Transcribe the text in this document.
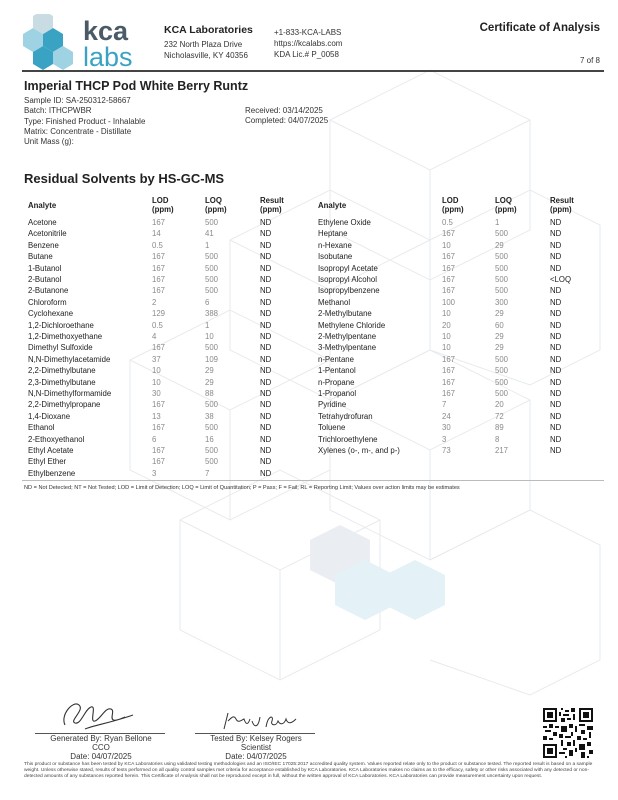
kca
labs
KCA Laboratories
232 North Plaza Drive
Nicholasville, KY 40356
+1-833-KCA-LABS
https://kcalabs.com
KDA Lic.# P_0058
Certificate of Analysis
7 of 8
Imperial THCP Pod White Berry Runtz
Sample ID: SA-250312-58667
Batch: ITHCPWBR
Type: Finished Product - Inhalable
Matrix: Concentrate - Distillate
Unit Mass (g):
Received: 03/14/2025
Completed: 04/07/2025
Residual Solvents by HS-GC-MS
Analyte
LOD
(ppm)
LOQ
(ppm)
Result
(ppm)
Acetone	167	500	ND
Acetonitrile	14	41	ND
Benzene	0.5	1	ND
Butane	167	500	ND
1-Butanol	167	500	ND
2-Butanol	167	500	ND
2-Butanone	167	500	ND
Chloroform	2	6	ND
Cyclohexane	129	388	ND
1,2-Dichloroethane	0.5	1	ND
1,2-Dimethoxyethane	4	10	ND
Dimethyl Sulfoxide	167	500	ND
N,N-Dimethylacetamide	37	109	ND
2,2-Dimethylbutane	10	29	ND
2,3-Dimethylbutane	10	29	ND
N,N-Dimethylformamide	30	88	ND
2,2-Dimethylpropane	167	500	ND
1,4-Dioxane	13	38	ND
Ethanol	167	500	ND
2-Ethoxyethanol	6	16	ND
Ethyl Acetate	167	500	ND
Ethyl Ether	167	500	ND
Ethylbenzene	3	7	ND
Analyte
LOD
(ppm)
LOQ
(ppm)
Result
(ppm)
Ethylene Oxide	0.5	1	ND
Heptane	167	500	ND
n-Hexane	10	29	ND
Isobutane	167	500	ND
Isopropyl Acetate	167	500	ND
Isopropyl Alcohol	167	500	<LOQ
Isopropylbenzene	167	500	ND
Methanol	100	300	ND
2-Methylbutane	10	29	ND
Methylene Chloride	20	60	ND
2-Methylpentane	10	29	ND
3-Methylpentane	10	29	ND
n-Pentane	167	500	ND
1-Pentanol	167	500	ND
n-Propane	167	500	ND
1-Propanol	167	500	ND
Pyridine	7	20	ND
Tetrahydrofuran	24	72	ND
Toluene	30	89	ND
Trichloroethylene	3	8	ND
Xylenes (o-, m-, and p-)	73	217	ND
ND = Not Detected; NT = Not Tested; LOD = Limit of Detection; LOQ = Limit of Quantitation; P = Pass; F = Fail; RL = Reporting Limit; Values over action limits may be estimates
Generated By: Ryan Bellone
CCO
Date: 04/07/2025
Tested By: Kelsey Rogers
Scientist
Date: 04/07/2025
This product or substance has been tested by KCA Laboratories using validated testing methodologies and an ISO/IEC 17025:2017 accredited quality system. Values reported relate only to the product or substance tested. The reported result is based on a sample weight. Unless otherwise stated, results of tests performed on all quality control samples met criteria for acceptance established by KCA Laboratories. KCA Laboratories makes no claims as to the efficacy, safety or other risks associated with any detected or non-detected amounts of any substances reported herein. This Certificate of Analysis shall not be reproduced except in full, without the written approval of KCA Laboratories. KCA Laboratories can provide measurement uncertainty upon request.
